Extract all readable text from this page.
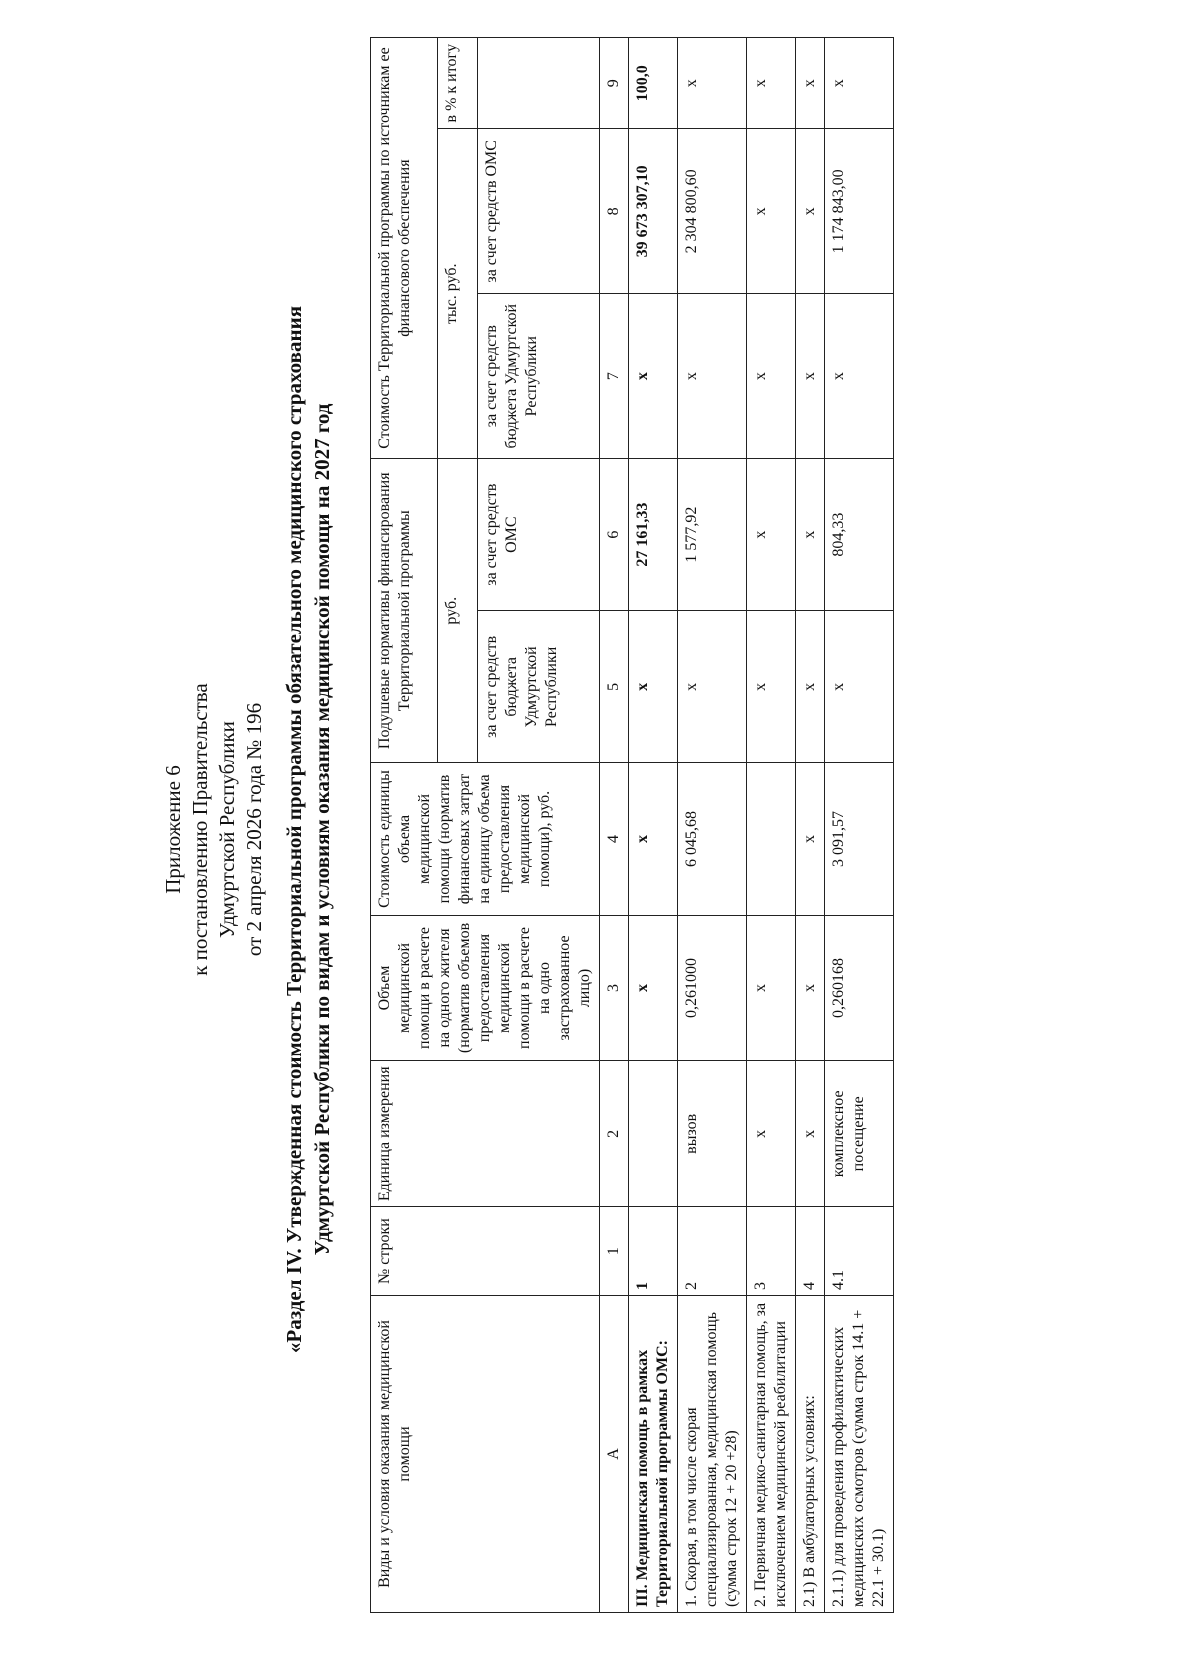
Приложение 6 к постановлению Правительства Удмуртской Республики от 2 апреля 2026 года № 196 «Раздел IV. Утвержденная стоимость Территориальной программы обязательного медицинского страхования Удмуртской Республики по видам и условиям оказания медицинской помощи на 2027 год
Виды и условия оказания медицинской помощи	№ строки	Единица измерения	Объем медицинской помощи в расчете на одного жителя (норматив объемов предоставления медицинской помощи в расчете на одно застрахованное лицо)	Стоимость единицы объема медицинской помощи (норматив финансовых затрат на единицу объема предоставления медицинской помощи), руб.	Подушевые нормативы финансирования Территориальной программы		Стоимость Территориальной программы по источникам ее финансового обеспечения		
					руб.		тыс. руб.		в % к итогу
					за счет средств бюджета Удмуртской Республики	за счет средств ОМС	за счет средств бюджета Удмуртской Республики	за счет средств ОМС	
А	1	2	3	4	5	6	7	8	9
III. Медицинская помощь в рамках Территориальной программы ОМС:	1		х	х	х	27 161,33	х	39 673 307,10	100,0
1. Скорая, в том числе скорая специализированная, медицинская помощь (сумма строк 12 + 20 +28)	2	вызов	0,261000	6 045,68	х	1 577,92	х	2 304 800,60	х
2. Первичная медико-санитарная помощь, за исключением медицинской реабилитации	3	х	х		х	х	х	х	х
2.1) В амбулаторных условиях:	4	х	х	х	х	х	х	х	х
2.1.1) для проведения профилактических медицинских осмотров (сумма строк 14.1 + 22.1 + 30.1)	4.1	комплексное посещение	0,260168	3 091,57	х	804,33	х	1 174 843,00	х
